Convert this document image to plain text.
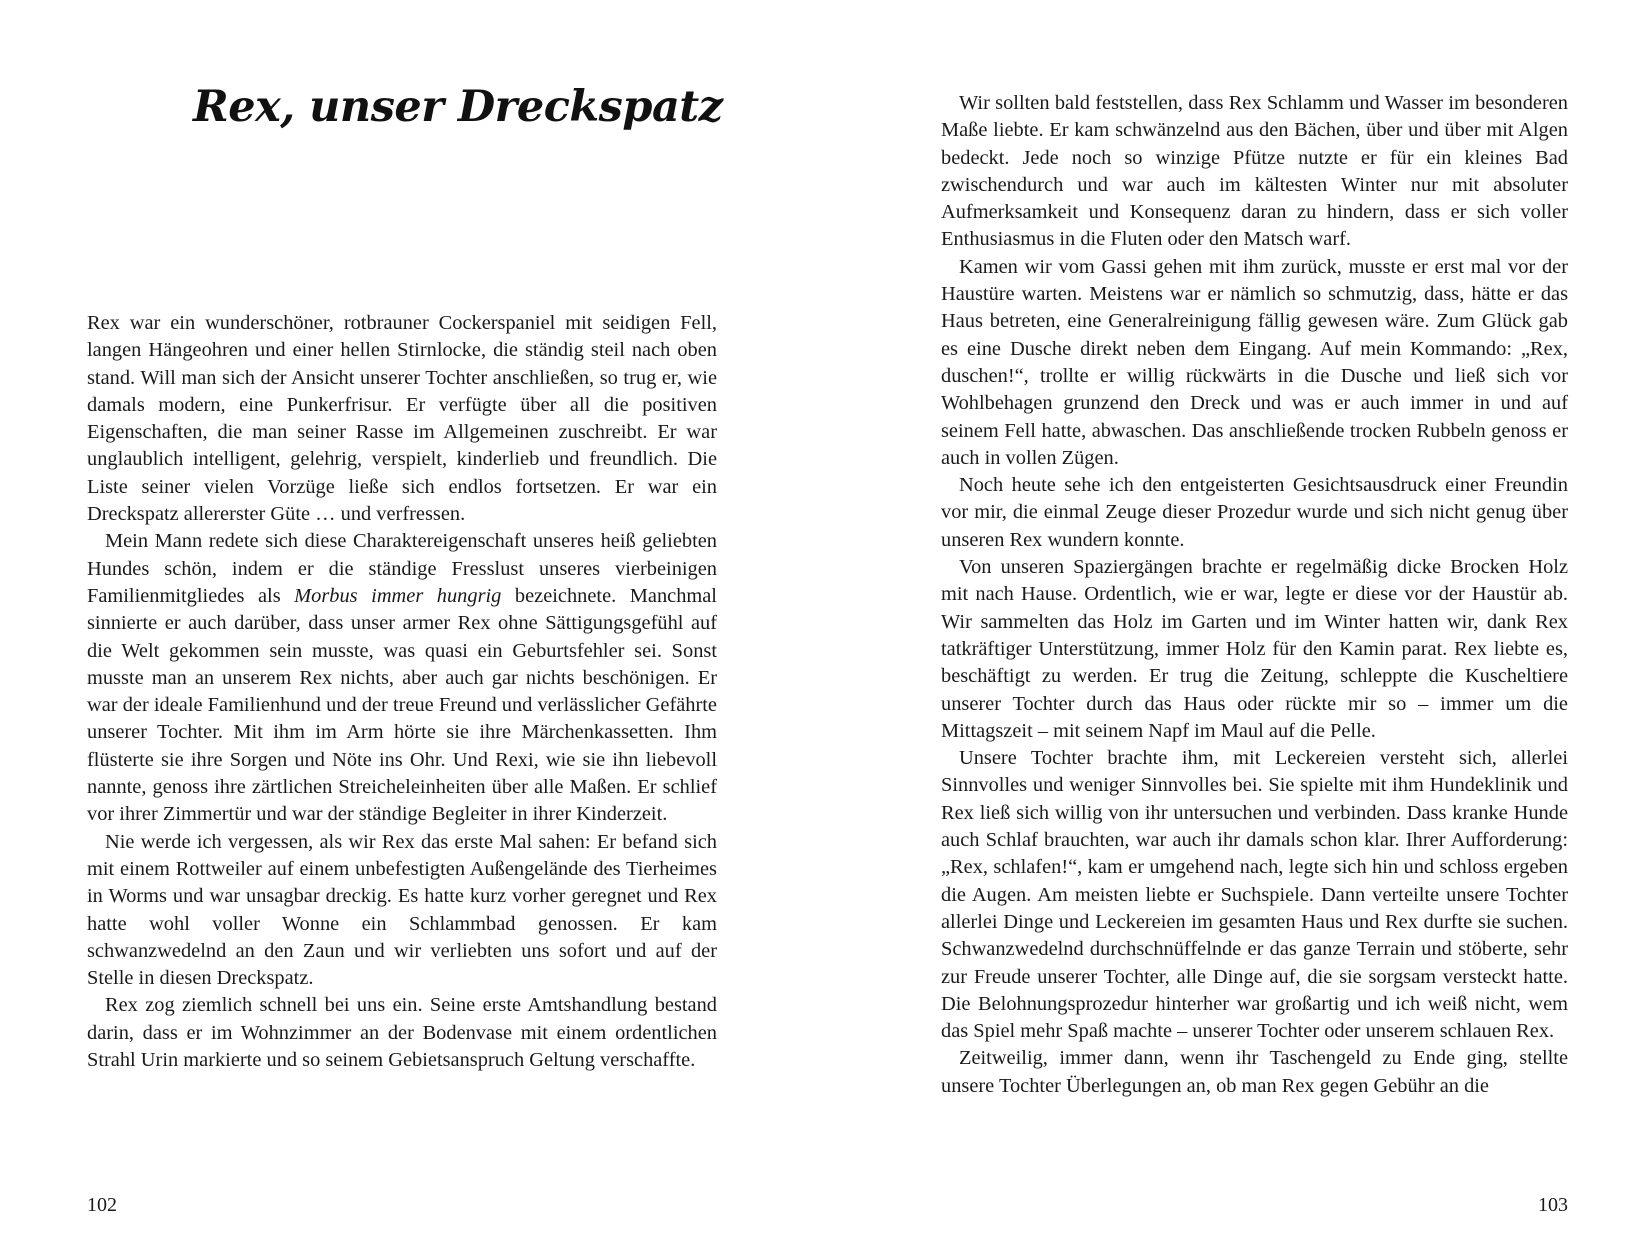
Rex, unser Dreckspatz

Rex war ein wunderschöner, rotbrauner Cockerspaniel mit seidigen Fell, langen Hängeohren und einer hellen Stirnlocke, die ständig steil nach oben stand. Will man sich der Ansicht unserer Tochter anschließen, so trug er, wie damals modern, eine Punkerfrisur. Er verfügte über all die positiven Eigenschaften, die man seiner Rasse im Allgemeinen zuschreibt. Er war unglaublich intelligent, gelehrig, verspielt, kinderlieb und freundlich. Die Liste seiner vielen Vorzüge ließe sich endlos fortsetzen. Er war ein Dreckspatz allererster Güte … und verfressen.

Mein Mann redete sich diese Charaktereigenschaft unseres heiß geliebten Hundes schön, indem er die ständige Fresslust unseres vierbeinigen Familienmitgliedes als Morbus immer hungrig bezeichnete. Manchmal sinnierte er auch darüber, dass unser armer Rex ohne Sättigungsgefühl auf die Welt gekommen sein musste, was quasi ein Geburtsfehler sei. Sonst musste man an unserem Rex nichts, aber auch gar nichts beschönigen. Er war der ideale Familienhund und der treue Freund und verlässlicher Gefährte unserer Tochter. Mit ihm im Arm hörte sie ihre Märchenkassetten. Ihm flüsterte sie ihre Sorgen und Nöte ins Ohr. Und Rexi, wie sie ihn liebevoll nannte, genoss ihre zärtlichen Streicheleinheiten über alle Maßen. Er schlief vor ihrer Zimmertür und war der ständige Begleiter in ihrer Kinderzeit.

Nie werde ich vergessen, als wir Rex das erste Mal sahen: Er befand sich mit einem Rottweiler auf einem unbefestigten Außengelände des Tierheimes in Worms und war unsagbar dreckig. Es hatte kurz vorher geregnet und Rex hatte wohl voller Wonne ein Schlammbad genossen. Er kam schwanzwedelnd an den Zaun und wir verliebten uns sofort und auf der Stelle in diesen Dreckspatz.

Rex zog ziemlich schnell bei uns ein. Seine erste Amtshandlung bestand darin, dass er im Wohnzimmer an der Bodenvase mit einem ordentlichen Strahl Urin markierte und so seinem Gebietsanspruch Geltung verschaffte.

102

Wir sollten bald feststellen, dass Rex Schlamm und Wasser im besonderen Maße liebte. Er kam schwänzelnd aus den Bächen, über und über mit Algen bedeckt. Jede noch so winzige Pfütze nutzte er für ein kleines Bad zwischendurch und war auch im kältesten Winter nur mit absoluter Aufmerksamkeit und Konsequenz daran zu hindern, dass er sich voller Enthusiasmus in die Fluten oder den Matsch warf.

Kamen wir vom Gassi gehen mit ihm zurück, musste er erst mal vor der Haustüre warten. Meistens war er nämlich so schmutzig, dass, hätte er das Haus betreten, eine Generalreinigung fällig gewesen wäre. Zum Glück gab es eine Dusche direkt neben dem Eingang. Auf mein Kommando: „Rex, duschen!“, trollte er willig rückwärts in die Dusche und ließ sich vor Wohlbehagen grunzend den Dreck und was er auch immer in und auf seinem Fell hatte, abwaschen. Das anschließende trocken Rubbeln genoss er auch in vollen Zügen.

Noch heute sehe ich den entgeisterten Gesichtsausdruck einer Freundin vor mir, die einmal Zeuge dieser Prozedur wurde und sich nicht genug über unseren Rex wundern konnte.

Von unseren Spaziergängen brachte er regelmäßig dicke Brocken Holz mit nach Hause. Ordentlich, wie er war, legte er diese vor der Haustür ab. Wir sammelten das Holz im Garten und im Winter hatten wir, dank Rex tatkräftiger Unterstützung, immer Holz für den Kamin parat. Rex liebte es, beschäftigt zu werden. Er trug die Zeitung, schleppte die Kuscheltiere unserer Tochter durch das Haus oder rückte mir so – immer um die Mittagszeit – mit seinem Napf im Maul auf die Pelle.

Unsere Tochter brachte ihm, mit Leckereien versteht sich, allerlei Sinnvolles und weniger Sinnvolles bei. Sie spielte mit ihm Hundeklinik und Rex ließ sich willig von ihr untersuchen und verbinden. Dass kranke Hunde auch Schlaf brauchten, war auch ihr damals schon klar. Ihrer Aufforderung: „Rex, schlafen!“, kam er umgehend nach, legte sich hin und schloss ergeben die Augen. Am meisten liebte er Suchspiele. Dann verteilte unsere Tochter allerlei Dinge und Leckereien im gesamten Haus und Rex durfte sie suchen. Schwanzwedelnd durchschnüffelnde er das ganze Terrain und stöberte, sehr zur Freude unserer Tochter, alle Dinge auf, die sie sorgsam versteckt hatte. Die Belohnungsprozedur hinterher war großartig und ich weiß nicht, wem das Spiel mehr Spaß machte – unserer Tochter oder unserem schlauen Rex.

Zeitweilig, immer dann, wenn ihr Taschengeld zu Ende ging, stellte unsere Tochter Überlegungen an, ob man Rex gegen Gebühr an die

103
